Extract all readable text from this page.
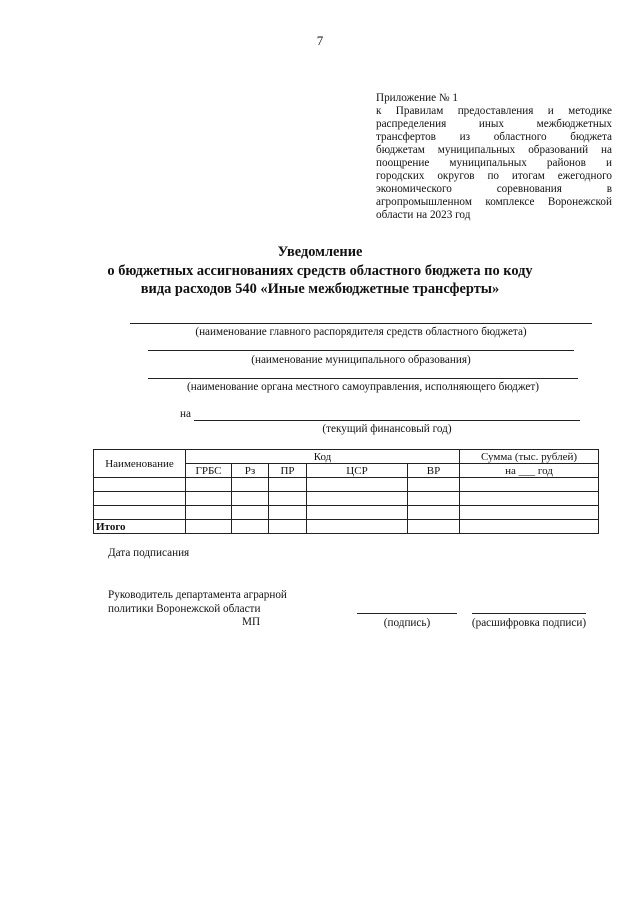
7
Приложение № 1
к Правилам предоставления и методике
распределения иных межбюджетных
трансфертов из областного бюджета
бюджетам муниципальных образований на
поощрение муниципальных районов и
городских округов по итогам ежегодного
экономического соревнования в
агропромышленном комплексе Воронежской
области на 2023 год
Уведомление
о бюджетных ассигнованиях средств областного бюджета по коду
вида расходов 540 «Иные межбюджетные трансферты»
(наименование главного распорядителя средств областного бюджета)
(наименование муниципального образования)
(наименование органа местного самоуправления, исполняющего бюджет)
на
(текущий финансовый год)
Наименование	Код					Сумма (тыс. рублей)
	ГРБС	Рз	ПР	ЦСР	ВР	на ___ год

Итого						
Дата подписания
Руководитель департамента аграрной
политики Воронежской области
МП	(подпись)	(расшифровка подписи)
